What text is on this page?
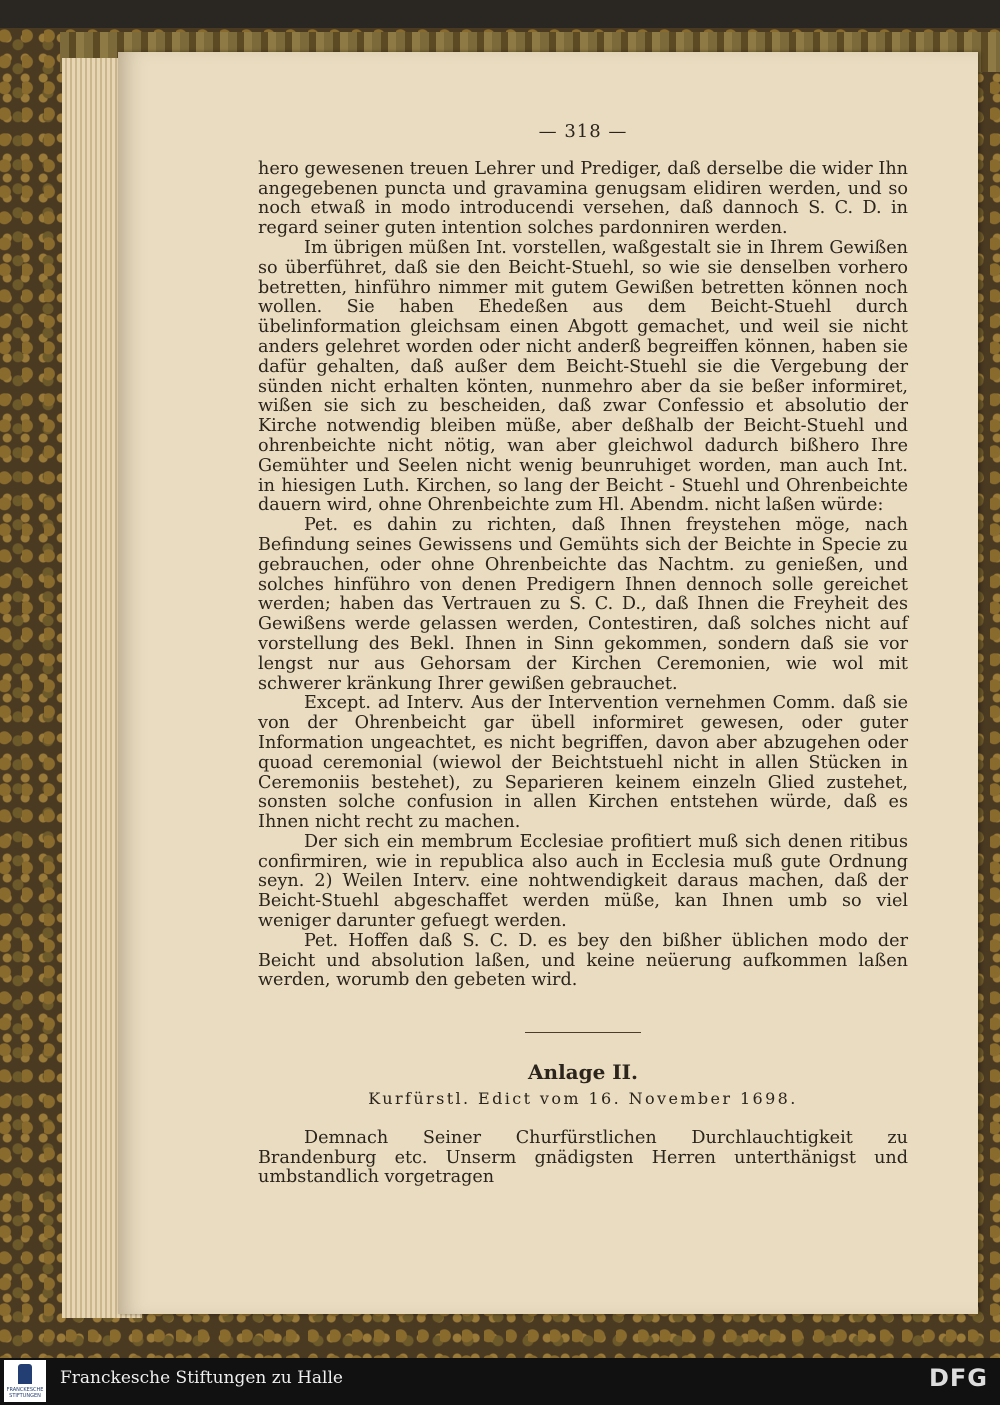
— 318 —

hero gewesenen treuen Lehrer und Prediger, daß derselbe die wider Ihn angegebenen puncta und gravamina genugsam elidiren werden, und so noch etwaß in modo introducendi versehen, daß dannoch S. C. D. in regard seiner guten intention solches pardonniren werden.

Im übrigen müßen Int. vorstellen, waßgestalt sie in Ihrem Gewißen so überführet, daß sie den Beicht-Stuehl, so wie sie denselben vorhero betretten, hinführo nimmer mit gutem Gewißen betretten können noch wollen. Sie haben Ehedeßen aus dem Beicht-Stuehl durch übelinformation gleichsam einen Abgott gemachet, und weil sie nicht anders gelehret worden oder nicht anderß begreiffen können, haben sie dafür gehalten, daß außer dem Beicht-Stuehl sie die Vergebung der sünden nicht erhalten könten, nunmehro aber da sie beßer informiret, wißen sie sich zu bescheiden, daß zwar Confessio et absolutio der Kirche notwendig bleiben müße, aber deßhalb der Beicht-Stuehl und ohrenbeichte nicht nötig, wan aber gleichwol dadurch bißhero Ihre Gemühter und Seelen nicht wenig beunruhiget worden, man auch Int. in hiesigen Luth. Kirchen, so lang der Beicht - Stuehl und Ohrenbeichte dauern wird, ohne Ohrenbeichte zum Hl. Abendm. nicht laßen würde:

Pet. es dahin zu richten, daß Ihnen freystehen möge, nach Befindung seines Gewissens und Gemühts sich der Beichte in Specie zu gebrauchen, oder ohne Ohrenbeichte das Nachtm. zu genießen, und solches hinführo von denen Predigern Ihnen dennoch solle gereichet werden; haben das Vertrauen zu S. C. D., daß Ihnen die Freyheit des Gewißens werde gelassen werden, Contestiren, daß solches nicht auf vorstellung des Bekl. Ihnen in Sinn gekommen, sondern daß sie vor lengst nur aus Gehorsam der Kirchen Ceremonien, wie wol mit schwerer kränkung Ihrer gewißen gebrauchet.

Except. ad Interv. Aus der Intervention vernehmen Comm. daß sie von der Ohrenbeicht gar übell informiret gewesen, oder guter Information ungeachtet, es nicht begriffen, davon aber abzugehen oder quoad ceremonial (wiewol der Beichtstuehl nicht in allen Stücken in Ceremoniis bestehet), zu Separieren keinem einzeln Glied zustehet, sonsten solche confusion in allen Kirchen entstehen würde, daß es Ihnen nicht recht zu machen.

Der sich ein membrum Ecclesiae profitiert muß sich denen ritibus confirmiren, wie in republica also auch in Ecclesia muß gute Ordnung seyn. 2) Weilen Interv. eine nohtwendigkeit daraus machen, daß der Beicht-Stuehl abgeschaffet werden müße, kan Ihnen umb so viel weniger darunter gefuegt werden.

Pet. Hoffen daß S. C. D. es bey den bißher üblichen modo der Beicht und absolution laßen, und keine neüerung aufkommen laßen werden, worumb den gebeten wird.

Anlage II.

Kurfürstl. Edict vom 16. November 1698.

Demnach Seiner Churfürstlichen Durchlauchtigkeit zu Brandenburg etc. Unserm gnädigsten Herren unterthänigst und umbstandlich vorgetragen

FRANCKESCHE STIFTUNGEN
Franckesche Stiftungen zu Halle	DFG
